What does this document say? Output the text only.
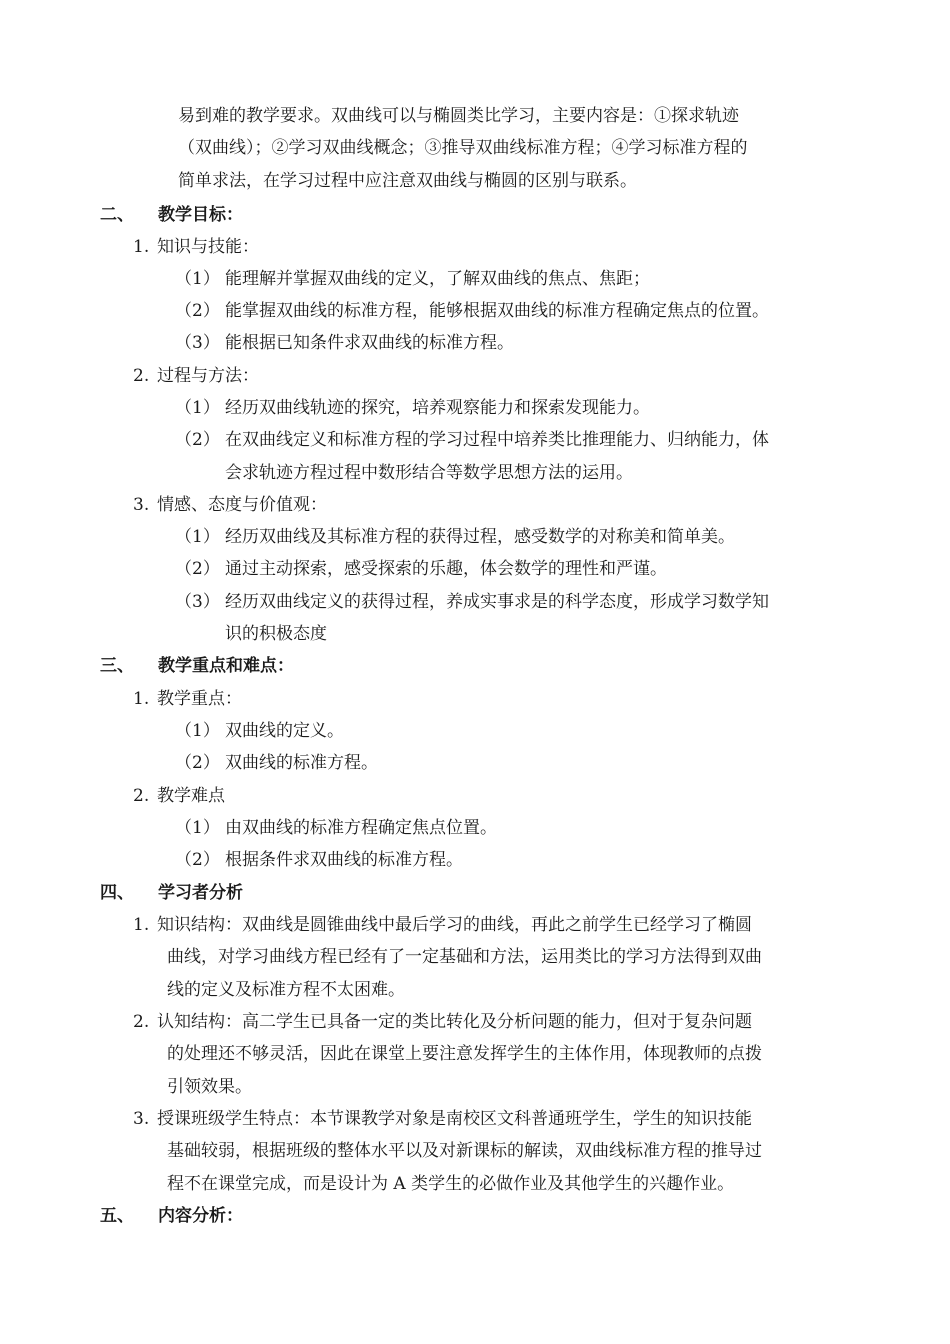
易到难的教学要求。双曲线可以与椭圆类比学习，主要内容是：①探求轨迹
（双曲线）；②学习双曲线概念；③推导双曲线标准方程；④学习标准方程的
简单求法，在学习过程中应注意双曲线与椭圆的区别与联系。
二、 教学目标：
1. 知识与技能：
（1） 能理解并掌握双曲线的定义，了解双曲线的焦点、焦距；
（2） 能掌握双曲线的标准方程，能够根据双曲线的标准方程确定焦点的位置。
（3） 能根据已知条件求双曲线的标准方程。
2. 过程与方法：
（1） 经历双曲线轨迹的探究，培养观察能力和探索发现能力。
（2） 在双曲线定义和标准方程的学习过程中培养类比推理能力、归纳能力，体
会求轨迹方程过程中数形结合等数学思想方法的运用。
3. 情感、态度与价值观：
（1） 经历双曲线及其标准方程的获得过程，感受数学的对称美和简单美。
（2） 通过主动探索，感受探索的乐趣，体会数学的理性和严谨。
（3） 经历双曲线定义的获得过程，养成实事求是的科学态度，形成学习数学知
识的积极态度
三、 教学重点和难点：
1. 教学重点：
（1） 双曲线的定义。
（2） 双曲线的标准方程。
2. 教学难点
（1） 由双曲线的标准方程确定焦点位置。
（2） 根据条件求双曲线的标准方程。
四、 学习者分析
1. 知识结构：双曲线是圆锥曲线中最后学习的曲线，再此之前学生已经学习了椭圆
曲线，对学习曲线方程已经有了一定基础和方法，运用类比的学习方法得到双曲
线的定义及标准方程不太困难。
2. 认知结构：高二学生已具备一定的类比转化及分析问题的能力，但对于复杂问题
的处理还不够灵活，因此在课堂上要注意发挥学生的主体作用，体现教师的点拨
引领效果。
3. 授课班级学生特点：本节课教学对象是南校区文科普通班学生，学生的知识技能
基础较弱，根据班级的整体水平以及对新课标的解读，双曲线标准方程的推导过
程不在课堂完成，而是设计为 A 类学生的必做作业及其他学生的兴趣作业。
五、 内容分析：
